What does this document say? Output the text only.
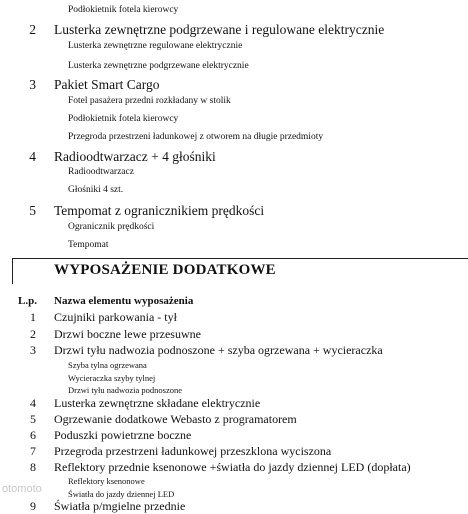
Podłokietnik fotela kierowcy
2 Lusterka zewnętrzne podgrzewane i regulowane elektrycznie
Lusterka zewnętrzne regulowane elektrycznie
Lusterka zewnętrzne podgrzewane elektrycznie
3 Pakiet Smart Cargo
Fotel pasażera przedni rozkładany w stolik
Podłokietnik fotela kierowcy
Przegroda przestrzeni ładunkowej z otworem na długie przedmioty
4 Radioodtwarzacz + 4 głośniki
Radioodtwarzacz
Głośniki 4 szt.
5 Tempomat z ogranicznikiem prędkości
Ogranicznik prędkości
Tempomat
WYPOSAŻENIE DODATKOWE
L.p. Nazwa elementu wyposażenia
1 Czujniki parkowania - tył
2 Drzwi boczne lewe przesuwne
3 Drzwi tyłu nadwozia podnoszone + szyba ogrzewana + wycieraczka
Szyba tylna ogrzewana
Wycieraczka szyby tylnej
Drzwi tyłu nadwozia podnoszone
4 Lusterka zewnętrzne składane elektrycznie
5 Ogrzewanie dodatkowe Webasto z programatorem
6 Poduszki powietrzne boczne
7 Przegroda przestrzeni ładunkowej przeszklona wyciszona
8 Reflektory przednie ksenonowe +światła do jazdy dziennej LED (dopłata)
Reflektory ksenonowe
Światła do jazdy dziennej LED
9 Światła p/mgielne przednie
otomoto
